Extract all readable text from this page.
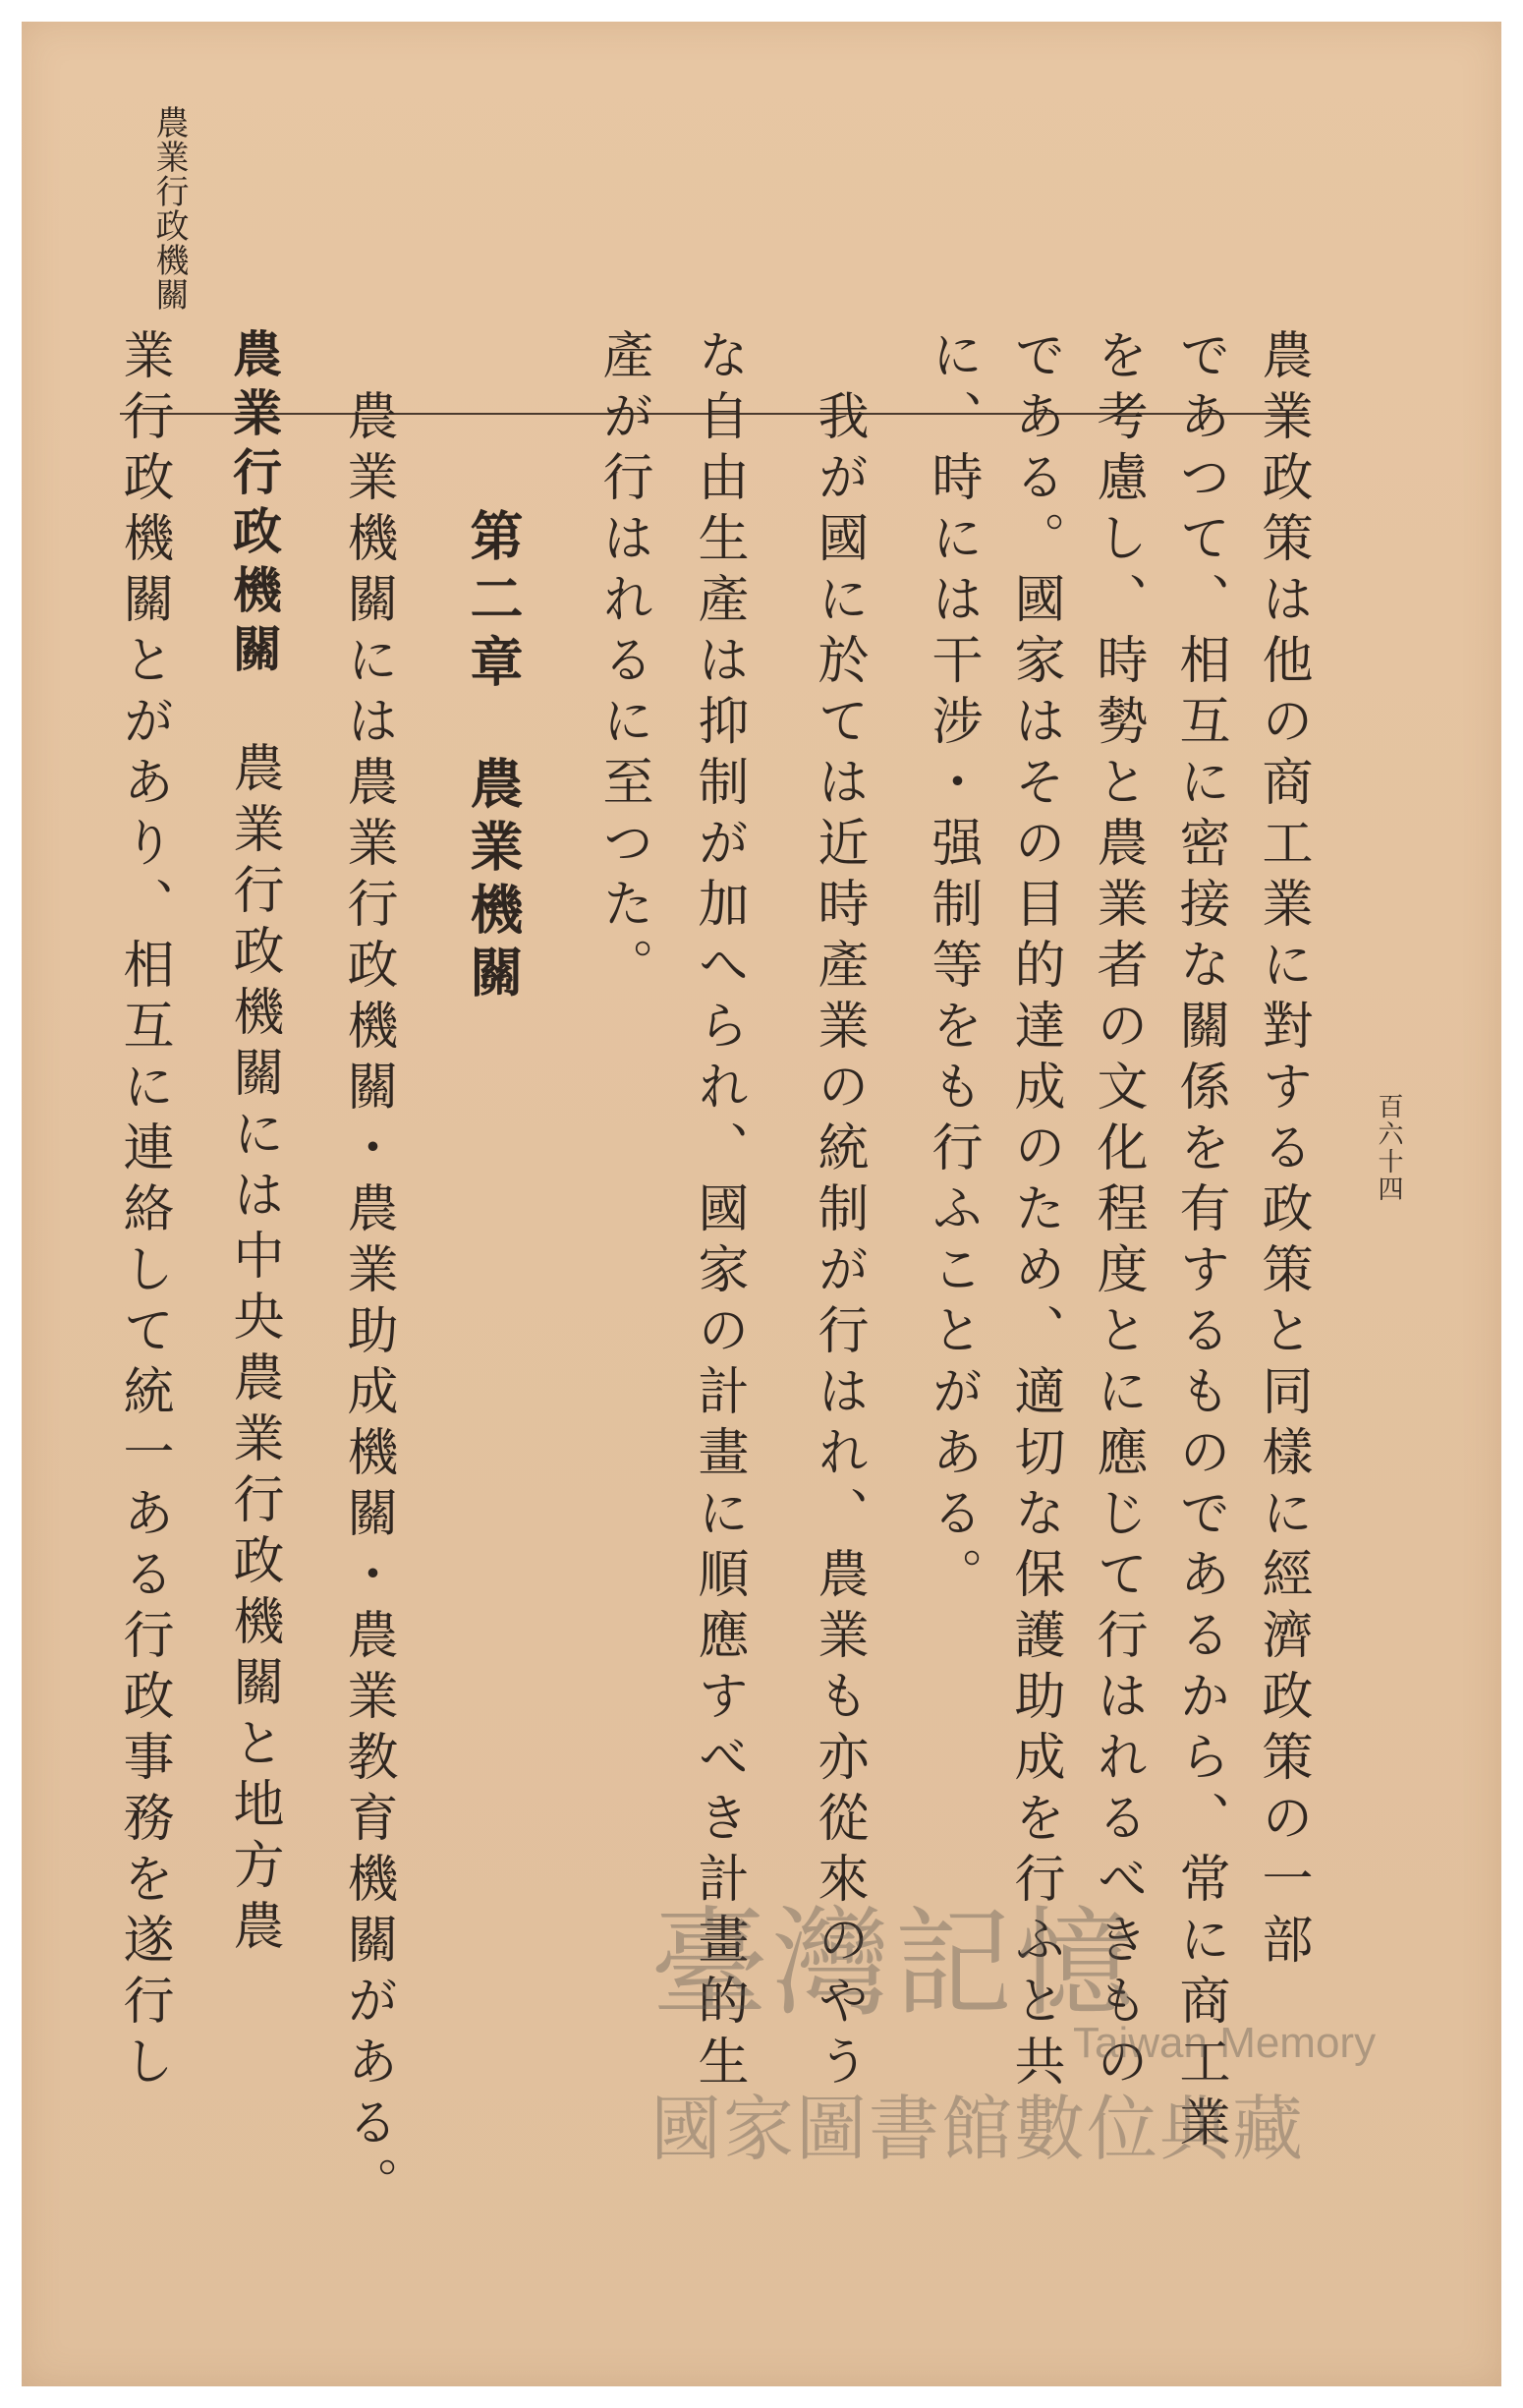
農業行政機關
百六十四
農業政策は他の商工業に對する政策と同樣に經濟政策の一部
であつて、相互に密接な關係を有するものであるから、常に商工業
を考慮し、時勢と農業者の文化程度とに應じて行はれるべきもの
である。國家はその目的達成のため、適切な保護助成を行ふと共
に、時には干涉・强制等をも行ふことがある。
我が國に於ては近時產業の統制が行はれ、農業も亦從來のやう
な自由生產は抑制が加へられ、國家の計畫に順應すべき計畫的生
產が行はれるに至つた。
第二章農業機關
農業機關には農業行政機關・農業助成機關・農業教育機關がある。
農業行政機關農業行政機關には中央農業行政機關と地方農
業行政機關とがあり、相互に連絡して統一ある行政事務を遂行し	臺灣記憶
Taiwan Memory
國家圖書館數位典藏
